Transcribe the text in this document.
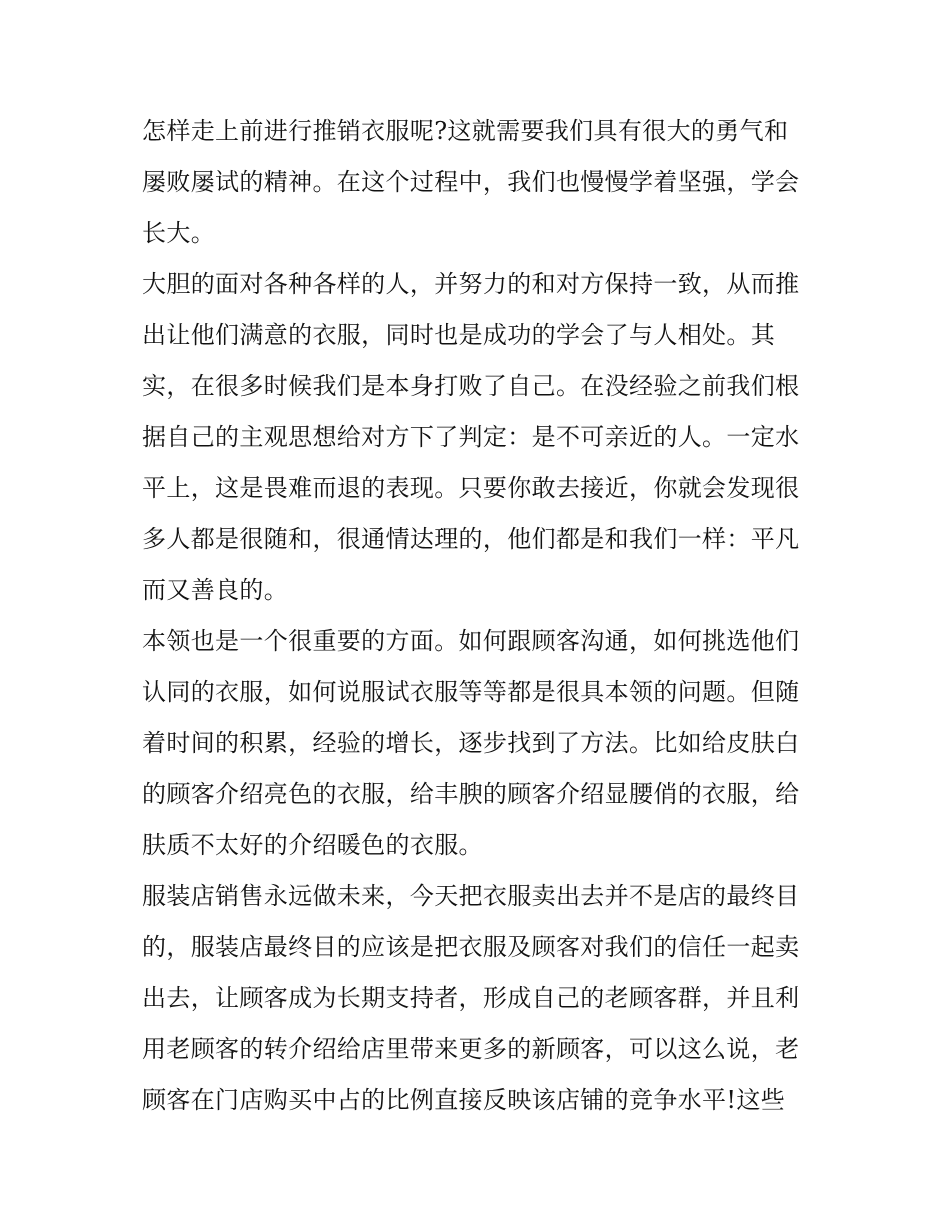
怎样走上前进行推销衣服呢?这就需要我们具有很大的勇气和
屡败屡试的精神。在这个过程中，我们也慢慢学着坚强，学会
长大。
大胆的面对各种各样的人，并努力的和对方保持一致，从而推
出让他们满意的衣服，同时也是成功的学会了与人相处。其
实，在很多时候我们是本身打败了自己。在没经验之前我们根
据自己的主观思想给对方下了判定：是不可亲近的人。一定水
平上，这是畏难而退的表现。只要你敢去接近，你就会发现很
多人都是很随和，很通情达理的，他们都是和我们一样：平凡
而又善良的。
本领也是一个很重要的方面。如何跟顾客沟通，如何挑选他们
认同的衣服，如何说服试衣服等等都是很具本领的问题。但随
着时间的积累，经验的增长，逐步找到了方法。比如给皮肤白
的顾客介绍亮色的衣服，给丰腴的顾客介绍显腰俏的衣服，给
肤质不太好的介绍暖色的衣服。
服装店销售永远做未来，今天把衣服卖出去并不是店的最终目
的，服装店最终目的应该是把衣服及顾客对我们的信任一起卖
出去，让顾客成为长期支持者，形成自己的老顾客群，并且利
用老顾客的转介绍给店里带来更多的新顾客，可以这么说，老
顾客在门店购买中占的比例直接反映该店铺的竞争水平!这些
